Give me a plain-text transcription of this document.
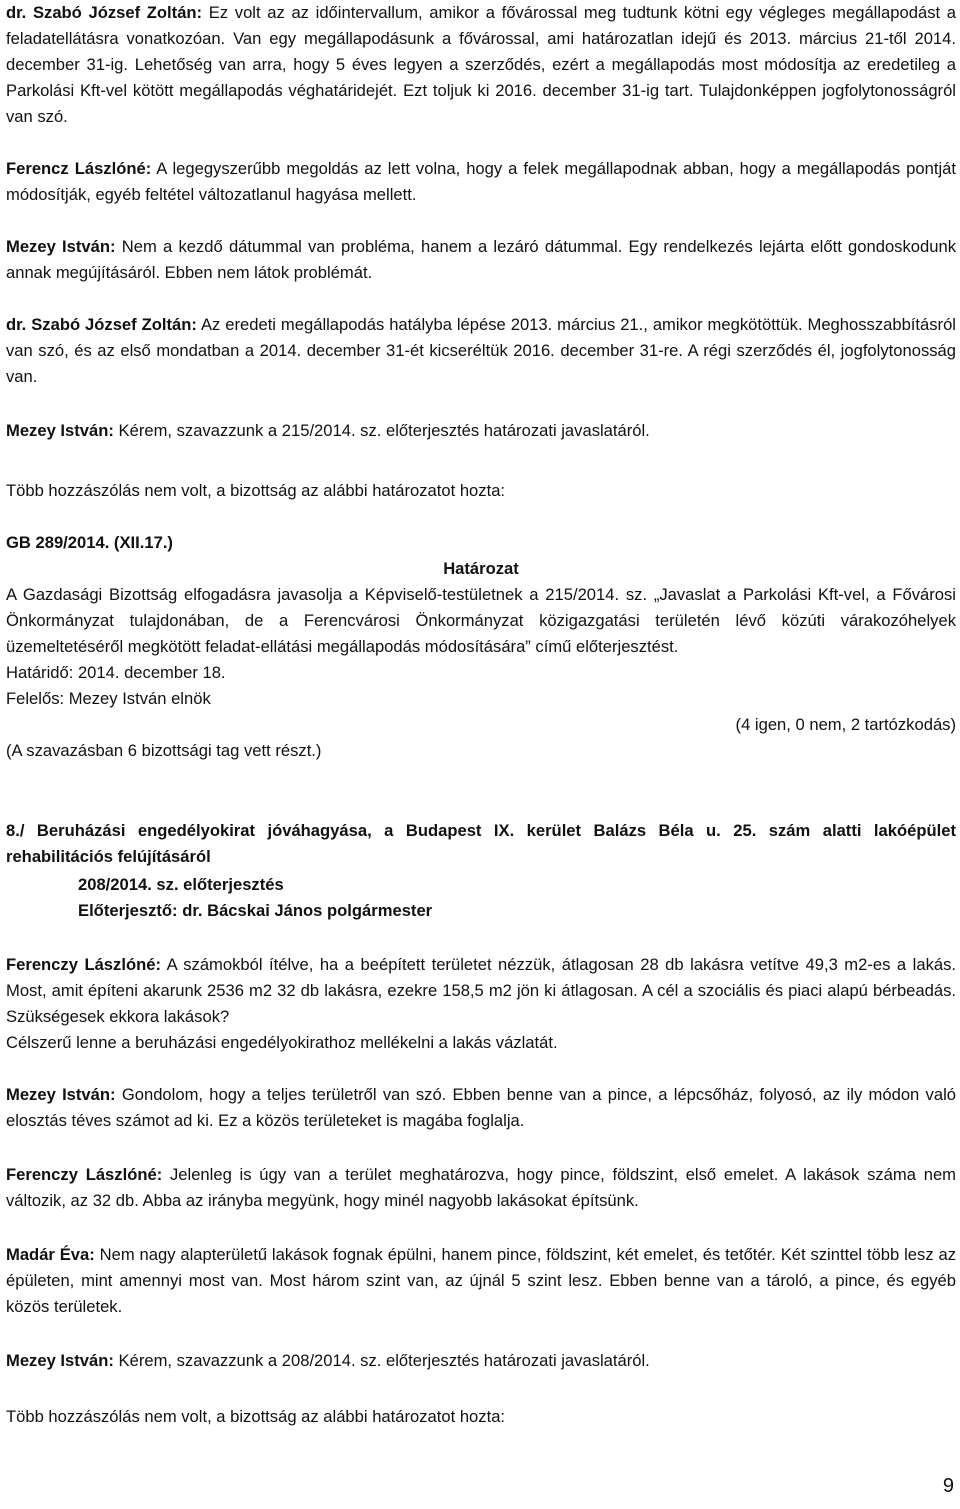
dr. Szabó József Zoltán: Ez volt az az időintervallum, amikor a fővárossal meg tudtunk kötni egy végleges megállapodást a feladatellátásra vonatkozóan. Van egy megállapodásunk a fővárossal, ami határozatlan idejű és 2013. március 21-től 2014. december 31-ig. Lehetőség van arra, hogy 5 éves legyen a szerződés, ezért a megállapodás most módosítja az eredetileg a Parkolási Kft-vel kötött megállapodás véghatáridejét. Ezt toljuk ki 2016. december 31-ig tart. Tulajdonképpen jogfolytonosságról van szó.

Ferencz Lászlóné: A legegyszerűbb megoldás az lett volna, hogy a felek megállapodnak abban, hogy a megállapodás pontját módosítják, egyéb feltétel változatlanul hagyása mellett.

Mezey István: Nem a kezdő dátummal van probléma, hanem a lezáró dátummal. Egy rendelkezés lejárta előtt gondoskodunk annak megújításáról. Ebben nem látok problémát.

dr. Szabó József Zoltán: Az eredeti megállapodás hatályba lépése 2013. március 21., amikor megkötöttük. Meghosszabbításról van szó, és az első mondatban a 2014. december 31-ét kicseréltük 2016. december 31-re. A régi szerződés él, jogfolytonosság van.

Mezey István: Kérem, szavazzunk a 215/2014. sz. előterjesztés határozati javaslatáról.

Több hozzászólás nem volt, a bizottság az alábbi határozatot hozta:

GB 289/2014. (XII.17.)

Határozat

A Gazdasági Bizottság elfogadásra javasolja a Képviselő-testületnek a 215/2014. sz. „Javaslat a Parkolási Kft-vel, a Fővárosi Önkormányzat tulajdonában, de a Ferencvárosi Önkormányzat közigazgatási területén lévő közúti várakozóhelyek üzemeltetéséről megkötött feladat-ellátási megállapodás módosítására” című előterjesztést.

Határidő: 2014. december 18.

Felelős: Mezey István elnök

(4 igen, 0 nem, 2 tartózkodás)

(A szavazásban 6 bizottsági tag vett részt.)

8./ Beruházási engedélyokirat jóváhagyása, a Budapest IX. kerület Balázs Béla u. 25. szám alatti lakóépület rehabilitációs felújításáról

208/2014. sz. előterjesztés

Előterjesztő: dr. Bácskai János polgármester

Ferenczy Lászlóné: A számokból ítélve, ha a beépített területet nézzük, átlagosan 28 db lakásra vetítve 49,3 m2-es a lakás. Most, amit építeni akarunk 2536 m2 32 db lakásra, ezekre 158,5 m2 jön ki átlagosan. A cél a szociális és piaci alapú bérbeadás. Szükségesek ekkora lakások?

Célszerű lenne a beruházási engedélyokirathoz mellékelni a lakás vázlatát.

Mezey István: Gondolom, hogy a teljes területről van szó. Ebben benne van a pince, a lépcsőház, folyosó, az ily módon való elosztás téves számot ad ki. Ez a közös területeket is magába foglalja.

Ferenczy Lászlóné: Jelenleg is úgy van a terület meghatározva, hogy pince, földszint, első emelet. A lakások száma nem változik, az 32 db. Abba az irányba megyünk, hogy minél nagyobb lakásokat építsünk.

Madár Éva: Nem nagy alapterületű lakások fognak épülni, hanem pince, földszint, két emelet, és tetőtér. Két szinttel több lesz az épületen, mint amennyi most van. Most három szint van, az újnál 5 szint lesz. Ebben benne van a tároló, a pince, és egyéb közös területek.

Mezey István: Kérem, szavazzunk a 208/2014. sz. előterjesztés határozati javaslatáról.

Több hozzászólás nem volt, a bizottság az alábbi határozatot hozta:

9
